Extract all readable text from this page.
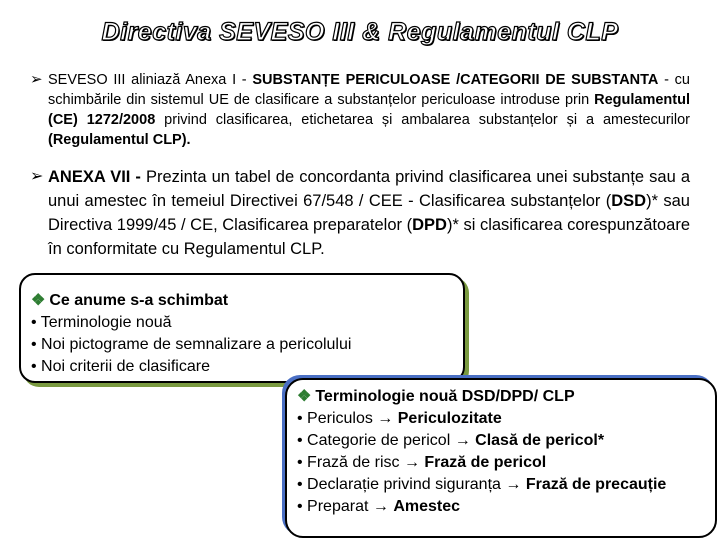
Directiva SEVESO III & Regulamentul CLP
➢ SEVESO III aliniază Anexa I - SUBSTANȚE PERICULOASE /CATEGORII DE SUBSTANTA - cu schimbările din sistemul UE de clasificare a substanțelor periculoase introduse prin Regulamentul (CE) 1272/2008 privind clasificarea, etichetarea și ambalarea substanțelor și a amestecurilor (Regulamentul CLP).
➢ ANEXA VII - Prezinta un tabel de concordanta privind clasificarea unei substanțe sau a unui amestec în temeiul Directivei 67/548 / CEE - Clasificarea substanțelor (DSD)* sau Directiva 1999/45 / CE, Clasificarea preparatelor (DPD)* si clasificarea corespunzătoare în conformitate cu Regulamentul CLP.
❖ Ce anume s-a schimbat
• Terminologie nouă
• Noi pictograme de semnalizare a pericolului
• Noi criterii de clasificare
❖ Terminologie nouă DSD/DPD/ CLP
• Periculos → Periculozitate
• Categorie de pericol → Clasă de pericol*
• Frază de risc → Frază de pericol
• Declarație privind siguranța → Frază de precauție
• Preparat → Amestec
